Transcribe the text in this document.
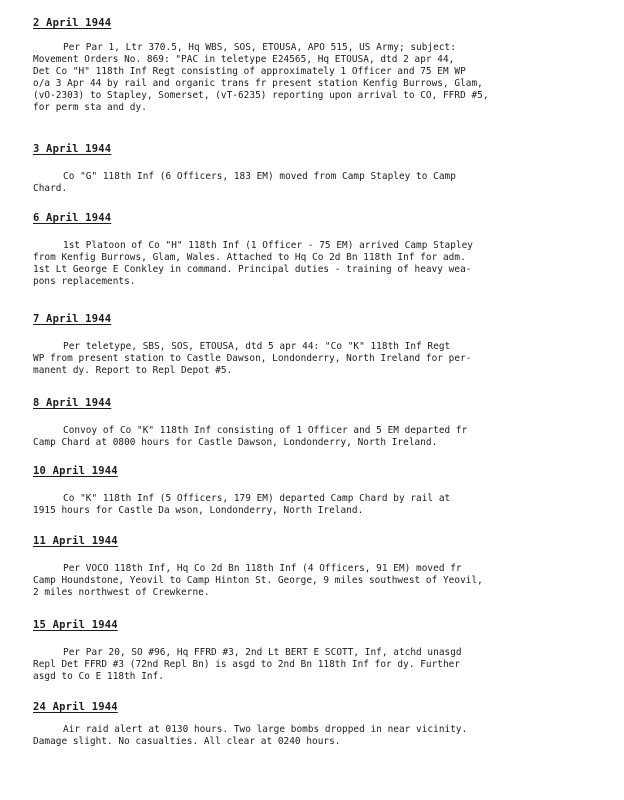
2 April 1944
Per Par 1, Ltr 370.5, Hq WBS, SOS, ETOUSA, APO 515, US Army; subject:
Movement Orders No. 869: "PAC in teletype E24565, Hq ETOUSA, dtd 2 apr 44,
Det Co "H" 118th Inf Regt consisting of approximately 1 Officer and 75 EM WP
o/a 3 Apr 44 by rail and organic trans fr present station Kenfig Burrows, Glam,
(vO-2303) to Stapley, Somerset, (vT-6235) reporting upon arrival to CO, FFRD #5,
for perm sta and dy.
3 April 1944
Co "G" 118th Inf (6 Officers, 183 EM) moved from Camp Stapley to Camp
Chard.
6 April 1944
1st Platoon of Co "H" 118th Inf (1 Officer - 75 EM) arrived Camp Stapley
from Kenfig Burrows, Glam, Wales. Attached to Hq Co 2d Bn 118th Inf for adm.
1st Lt George E Conkley in command. Principal duties - training of heavy wea-
pons replacements.
7 April 1944
Per teletype, SBS, SOS, ETOUSA, dtd 5 apr 44: "Co "K" 118th Inf Regt
WP from present station to Castle Dawson, Londonderry, North Ireland for per-
manent dy. Report to Repl Depot #5.
8 April 1944
Convoy of Co "K" 118th Inf consisting of 1 Officer and 5 EM departed fr
Camp Chard at 0800 hours for Castle Dawson, Londonderry, North Ireland.
10 April 1944
Co "K" 118th Inf (5 Officers, 179 EM) departed Camp Chard by rail at
1915 hours for Castle Da wson, Londonderry, North Ireland.
11 April 1944
Per VOCO 118th Inf, Hq Co 2d Bn 118th Inf (4 Officers, 91 EM) moved fr
Camp Houndstone, Yeovil to Camp Hinton St. George, 9 miles southwest of Yeovil,
2 miles northwest of Crewkerne.
15 April 1944
Per Par 20, SO #96, Hq FFRD #3, 2nd Lt BERT E SCOTT, Inf, atchd unasgd
Repl Det FFRD #3 (72nd Repl Bn) is asgd to 2nd Bn 118th Inf for dy. Further
asgd to Co E 118th Inf.
24 April 1944
Air raid alert at 0130 hours. Two large bombs dropped in near vicinity.
Damage slight. No casualties. All clear at 0240 hours.
